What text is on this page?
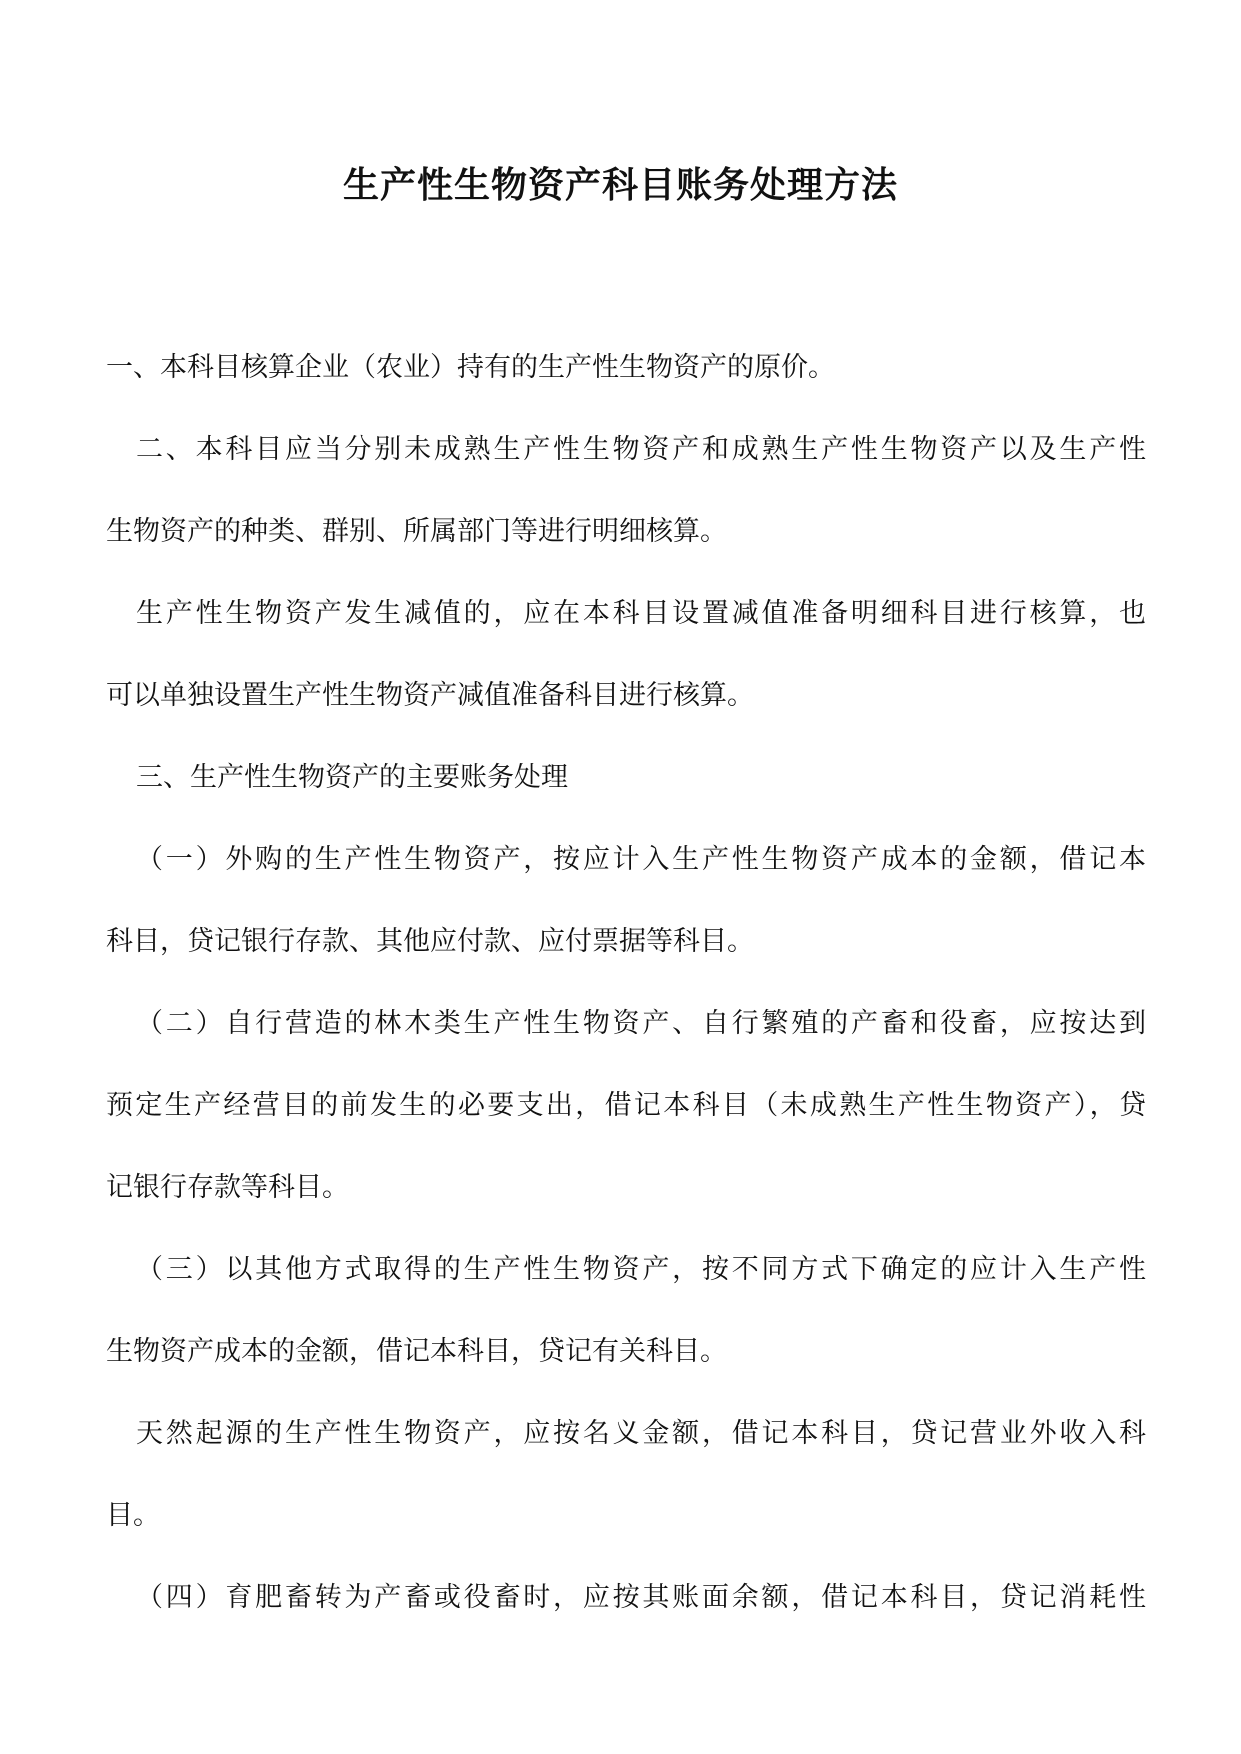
生产性生物资产科目账务处理方法

一、本科目核算企业（农业）持有的生产性生物资产的原价。

二、本科目应当分别未成熟生产性生物资产和成熟生产性生物资产以及生产性

生物资产的种类、群别、所属部门等进行明细核算。

生产性生物资产发生减值的，应在本科目设置减值准备明细科目进行核算，也

可以单独设置生产性生物资产减值准备科目进行核算。

三、生产性生物资产的主要账务处理

（一）外购的生产性生物资产，按应计入生产性生物资产成本的金额，借记本

科目，贷记银行存款、其他应付款、应付票据等科目。

（二）自行营造的林木类生产性生物资产、自行繁殖的产畜和役畜，应按达到

预定生产经营目的前发生的必要支出，借记本科目（未成熟生产性生物资产），贷

记银行存款等科目。

（三）以其他方式取得的生产性生物资产，按不同方式下确定的应计入生产性

生物资产成本的金额，借记本科目，贷记有关科目。

天然起源的生产性生物资产，应按名义金额，借记本科目，贷记营业外收入科

目。

（四）育肥畜转为产畜或役畜时，应按其账面余额，借记本科目，贷记消耗性
